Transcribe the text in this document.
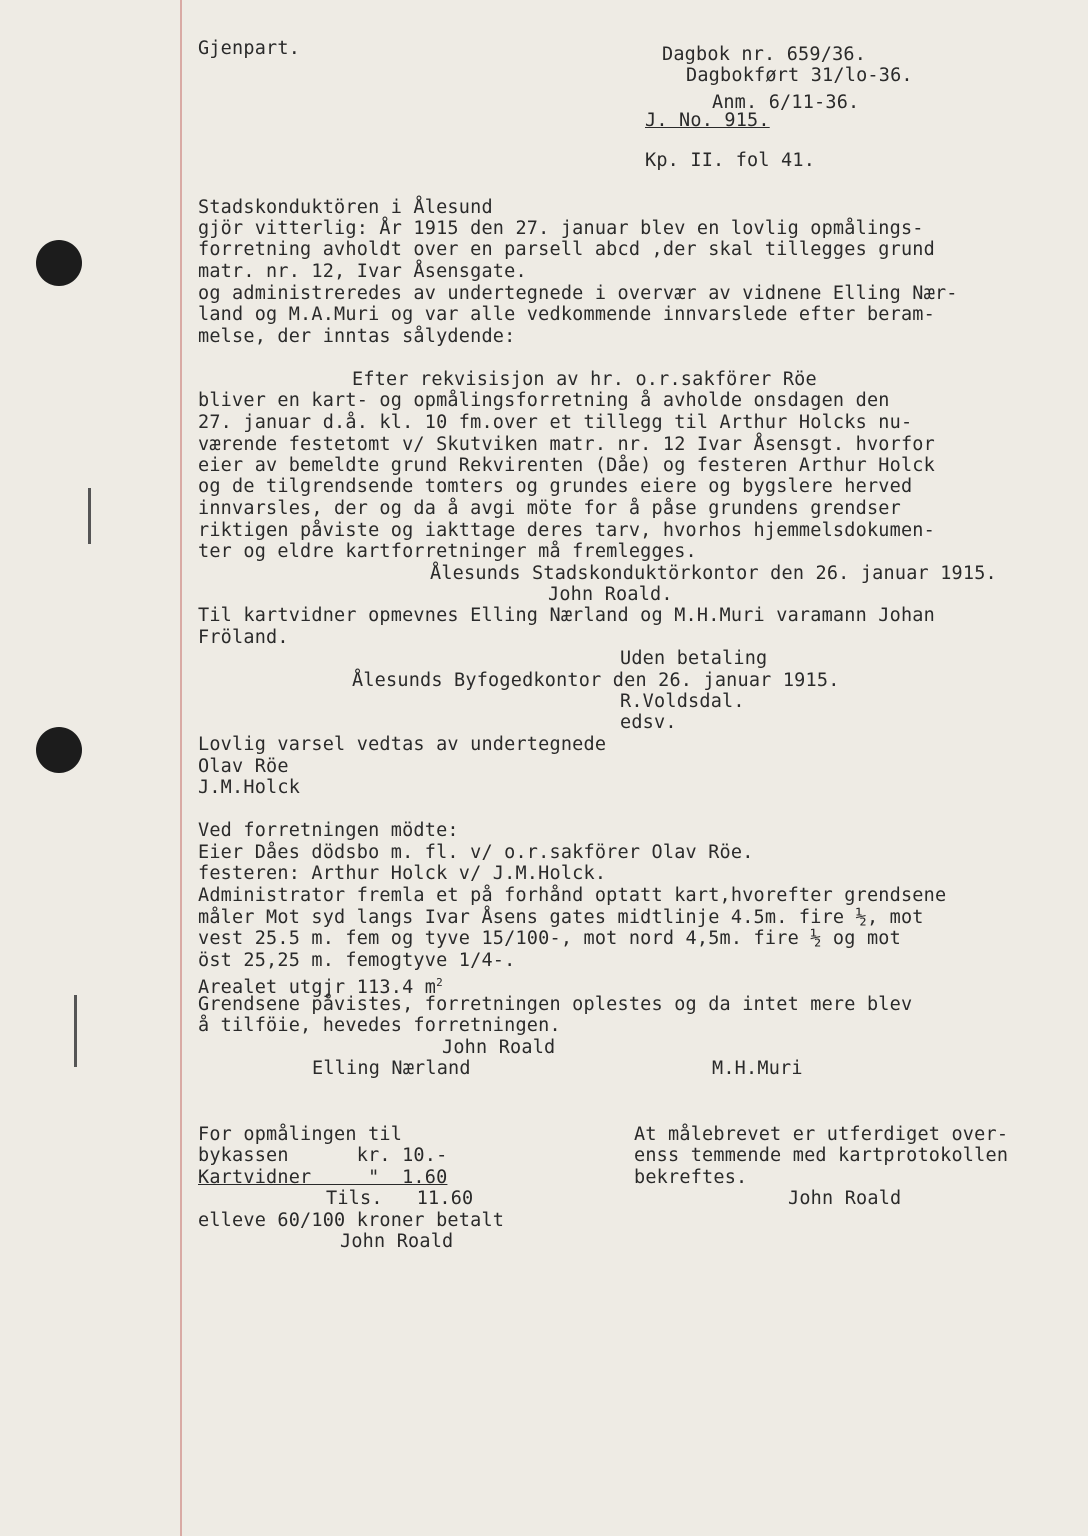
Gjenpart.	Dagbok nr. 659/36.
Dagbokført 31/lo-36.
Anm. 6/11-36.
J. No. 915.
Kp. II. fol 41.
Stadskonduktören i Ålesund
gjör vitterlig: År 1915 den 27. januar blev en lovlig opmålings-
forretning avholdt over en parsell abcd ,der skal tillegges grund
matr. nr. 12, Ivar Åsensgate.
og administreredes av undertegnede i overvær av vidnene Elling Nær-
land og M.A.Muri og var alle vedkommende innvarslede efter beram-
melse, der inntas sålydende:
Efter rekvisisjon av hr. o.r.sakförer Röe
bliver en kart- og opmålingsforretning å avholde onsdagen den
27. januar d.å. kl. 10 fm.over et tillegg til Arthur Holcks nu-
værende festetomt v/ Skutviken matr. nr. 12 Ivar Åsensgt. hvorfor
eier av bemeldte grund Rekvirenten (Dåe) og festeren Arthur Holck
og de tilgrendsende tomters og grundes eiere og bygslere herved
innvarsles, der og da å avgi möte for å påse grundens grendser
riktigen påviste og iakttage deres tarv, hvorhos hjemmelsdokumen-
ter og eldre kartforretninger må fremlegges.
Ålesunds Stadskonduktörkontor den 26. januar 1915.
John Roald.
Til kartvidner opmevnes Elling Nærland og M.H.Muri varamann Johan
Fröland.
Uden betaling
Ålesunds Byfogedkontor den 26. januar 1915.
R.Voldsdal.
edsv.
Lovlig varsel vedtas av undertegnede
Olav Röe
J.M.Holck
Ved forretningen mödte:
Eier Dåes dödsbo m. fl. v/ o.r.sakförer Olav Röe.
festeren: Arthur Holck v/ J.M.Holck.
Administrator fremla et på forhånd optatt kart,hvorefter grendsene
måler Mot syd langs Ivar Åsens gates midtlinje 4.5m. fire ½, mot
vest 25.5 m. fem og tyve 15/100-, mot nord 4,5m. fire ½ og mot
öst 25,25 m. femogtyve 1/4-.
Arealet utgjr 113.4 $m^2$
Grendsene påvistes, forretningen oplestes og da intet mere blev
å tilföie, hevedes forretningen.
John Roald
Elling Nærland	M.H.Muri
For opmålingen til
bykassen      kr. 10.-
Kartvidner     "  1.60
Tils.   11.60
elleve 60/100 kroner betalt
John Roald
At målebrevet er utferdiget over-
enss temmende med kartprotokollen
bekreftes.
John Roald
